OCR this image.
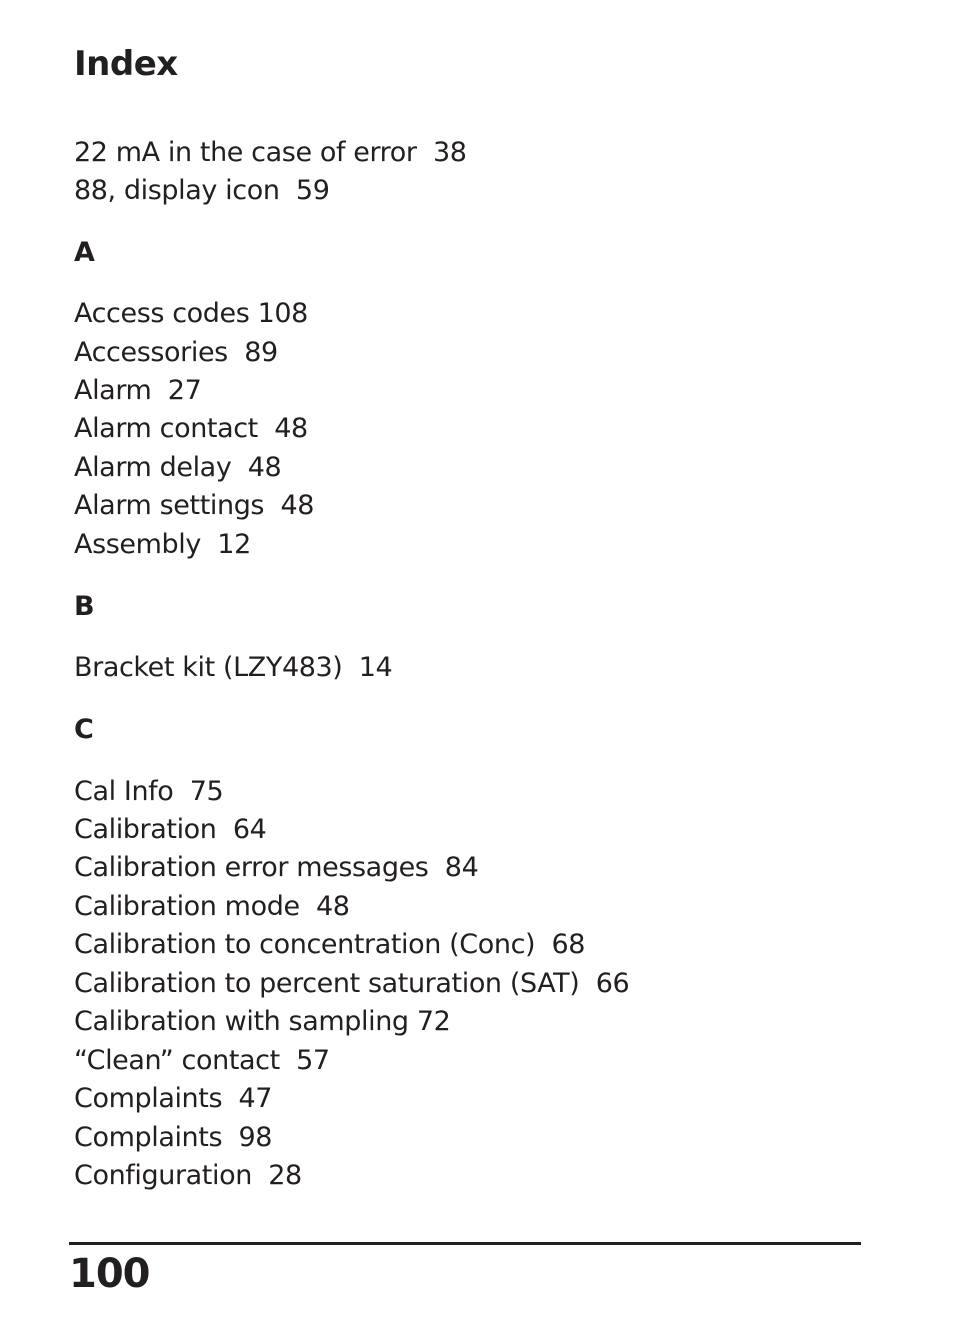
Index
22 mA in the case of error  38
88, display icon  59
A
Access codes 108
Accessories  89
Alarm  27
Alarm contact  48
Alarm delay  48
Alarm settings  48
Assembly  12
B
Bracket kit (LZY483)  14
C
Cal Info  75
Calibration  64
Calibration error messages  84
Calibration mode  48
Calibration to concentration (Conc)  68
Calibration to percent saturation (SAT)  66
Calibration with sampling 72
“Clean” contact  57
Complaints  47
Complaints  98
Configuration  28
100
